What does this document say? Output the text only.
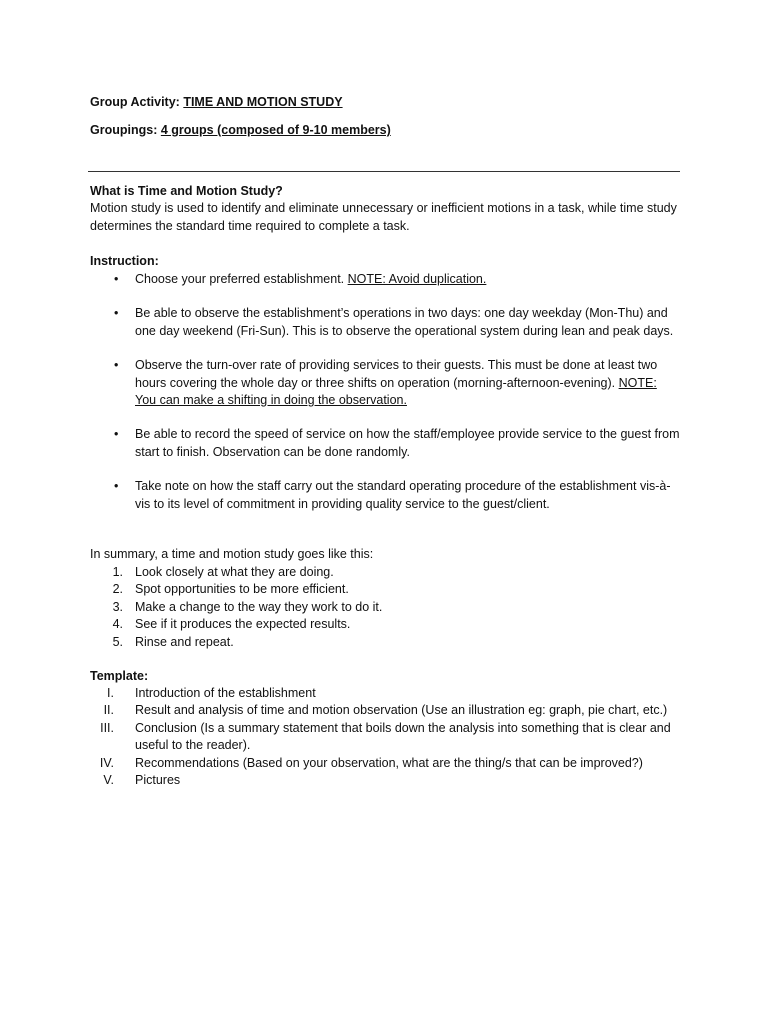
Group Activity: TIME AND MOTION STUDY
Groupings: 4 groups (composed of 9-10 members)

What is Time and Motion Study?

Motion study is used to identify and eliminate unnecessary or inefficient motions in a task, while time study determines the standard time required to complete a task.

Instruction:
• Choose your preferred establishment. NOTE: Avoid duplication.
• Be able to observe the establishment’s operations in two days: one day weekday (Mon-Thu) and one day weekend (Fri-Sun). This is to observe the operational system during lean and peak days.
• Observe the turn-over rate of providing services to their guests. This must be done at least two hours covering the whole day or three shifts on operation (morning-afternoon-evening). NOTE: You can make a shifting in doing the observation.
• Be able to record the speed of service on how the staff/employee provide service to the guest from start to finish. Observation can be done randomly.
• Take note on how the staff carry out the standard operating procedure of the establishment vis-à-vis to its level of commitment in providing quality service to the guest/client.
In summary, a time and motion study goes like this:
1. Look closely at what they are doing.
2. Spot opportunities to be more efficient.
3. Make a change to the way they work to do it.
4. See if it produces the expected results.
5. Rinse and repeat.
Template:
I. Introduction of the establishment
II. Result and analysis of time and motion observation (Use an illustration eg: graph, pie chart, etc.)
III. Conclusion (Is a summary statement that boils down the analysis into something that is clear and useful to the reader).
IV. Recommendations (Based on your observation, what are the thing/s that can be improved?)
V. Pictures
